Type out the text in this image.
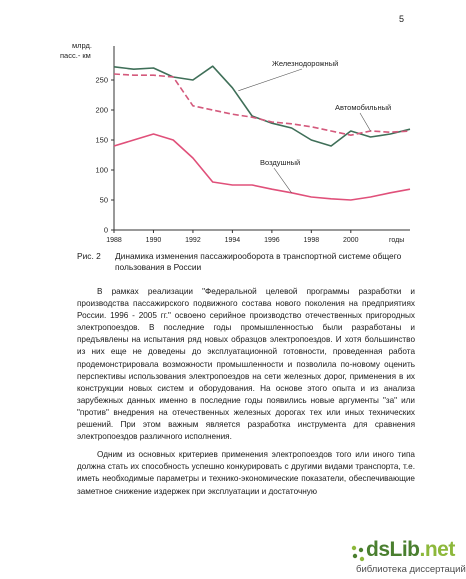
5
млрд.
пасс.- км
0
50
100
150
200
250
1988	1990	1992	1994	1996	1998	2000	годы
Железнодорожный
Автомобильный
Воздушный
Рис. 2 Динамика изменения пассажирооборота в транспортной системе общего
пользования в России

В рамках реализации "Федеральной целевой программы разработки и производства пассажирского подвижного состава нового поколения на предприятиях России. 1996 - 2005 гг." освоено серийное производство отечественных пригородных электропоездов. В последние годы промышленностью были разработаны и предъявлены на испытания ряд новых образцов электропоездов. И хотя большинство из них еще не доведены до эксплуатационной готовности, проведенная работа продемонстрировала возможности промышленности и позволила по-новому оценить перспективы использования электропоездов на сети железных дорог, применения в их конструкции новых систем и оборудования. На основе этого опыта и из анализа зарубежных данных именно в последние годы появились новые аргументы "за" или "против" внедрения на отечественных железных дорогах тех или иных технических решений. При этом важным является разработка инструмента для сравнения электропоездов различного исполнения.

Одним из основных критериев применения электропоездов того или иного типа должна стать их способность успешно конкурировать с другими видами транспорта, т.е. иметь необходимые параметры и технико-экономические показатели, обеспечивающие заметное снижение издержек при эксплуатации и достаточную

dsLib.net
библиотека диссертаций
